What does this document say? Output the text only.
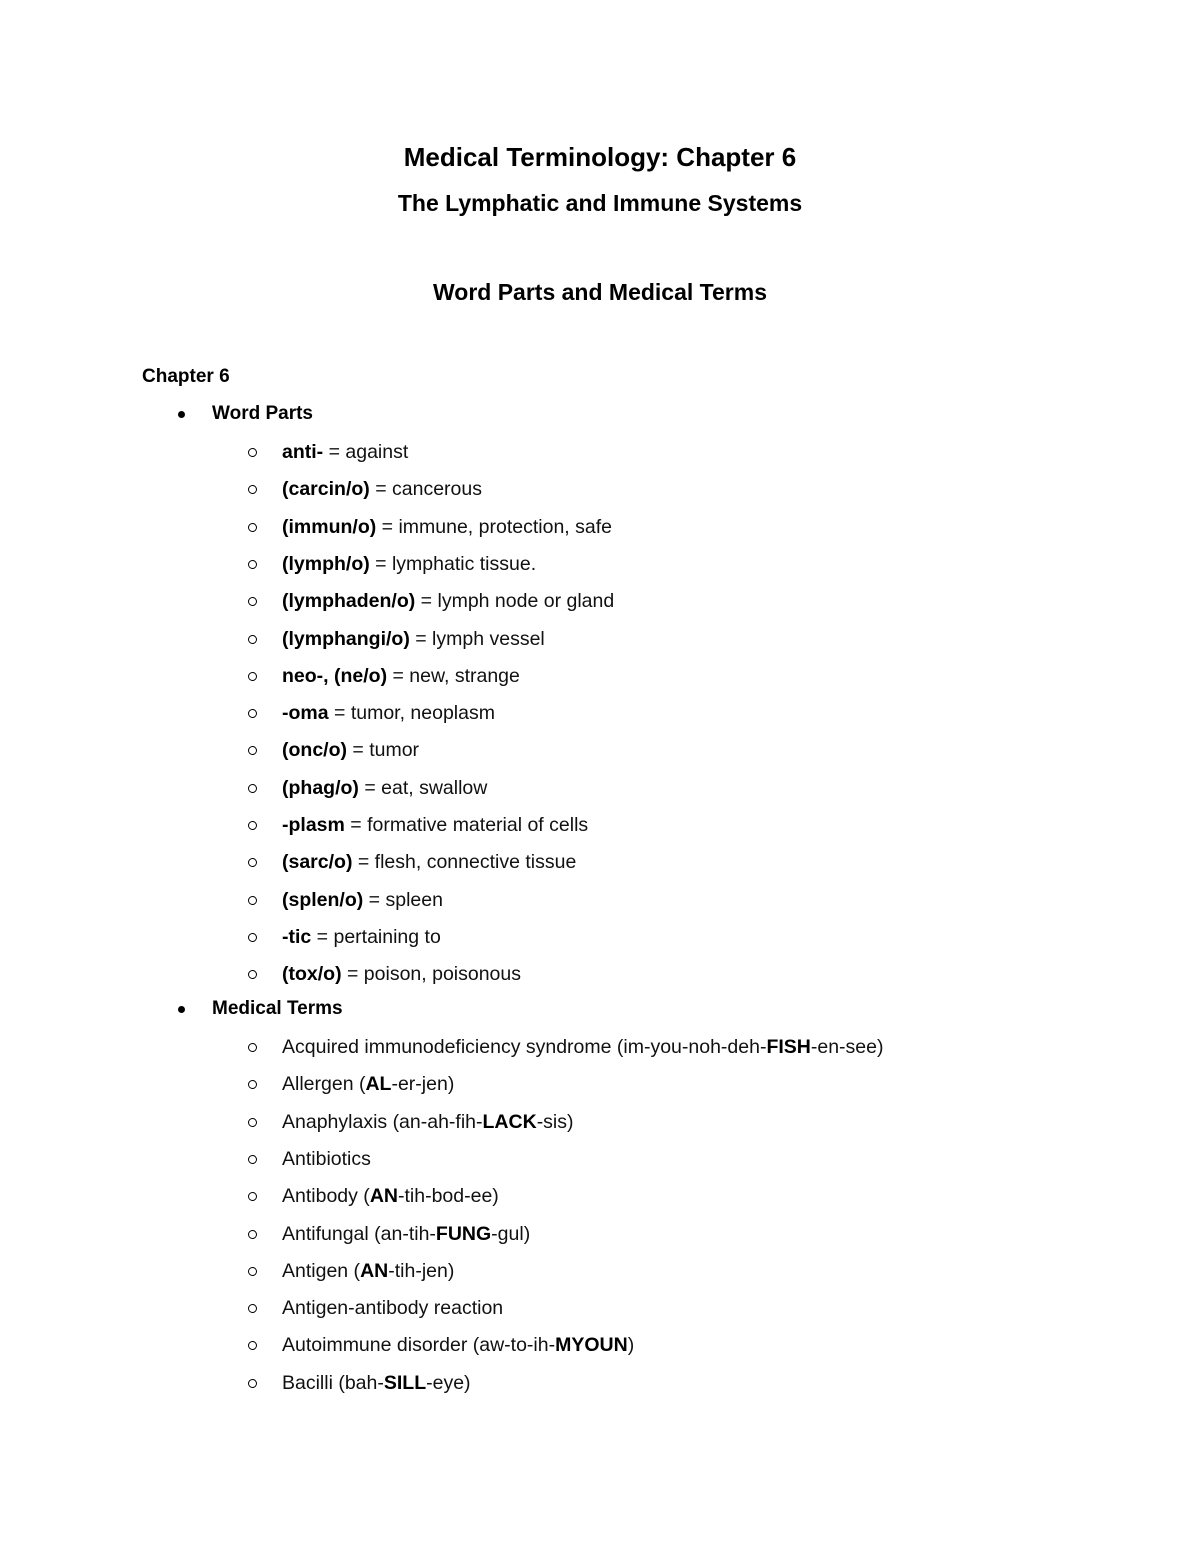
Medical Terminology: Chapter 6
The Lymphatic and Immune Systems
Word Parts and Medical Terms
Chapter 6
Word Parts
anti- = against
(carcin/o) = cancerous
(immun/o) = immune, protection, safe
(lymph/o) = lymphatic tissue.
(lymphaden/o) = lymph node or gland
(lymphangi/o) = lymph vessel
neo-, (ne/o) = new, strange
-oma = tumor, neoplasm
(onc/o) = tumor
(phag/o) = eat, swallow
-plasm = formative material of cells
(sarc/o) = flesh, connective tissue
(splen/o) = spleen
-tic = pertaining to
(tox/o) = poison, poisonous
Medical Terms
Acquired immunodeficiency syndrome (im-you-noh-deh-FISH-en-see)
Allergen (AL-er-jen)
Anaphylaxis (an-ah-fih-LACK-sis)
Antibiotics
Antibody (AN-tih-bod-ee)
Antifungal (an-tih-FUNG-gul)
Antigen (AN-tih-jen)
Antigen-antibody reaction
Autoimmune disorder (aw-to-ih-MYOUN)
Bacilli (bah-SILL-eye)
